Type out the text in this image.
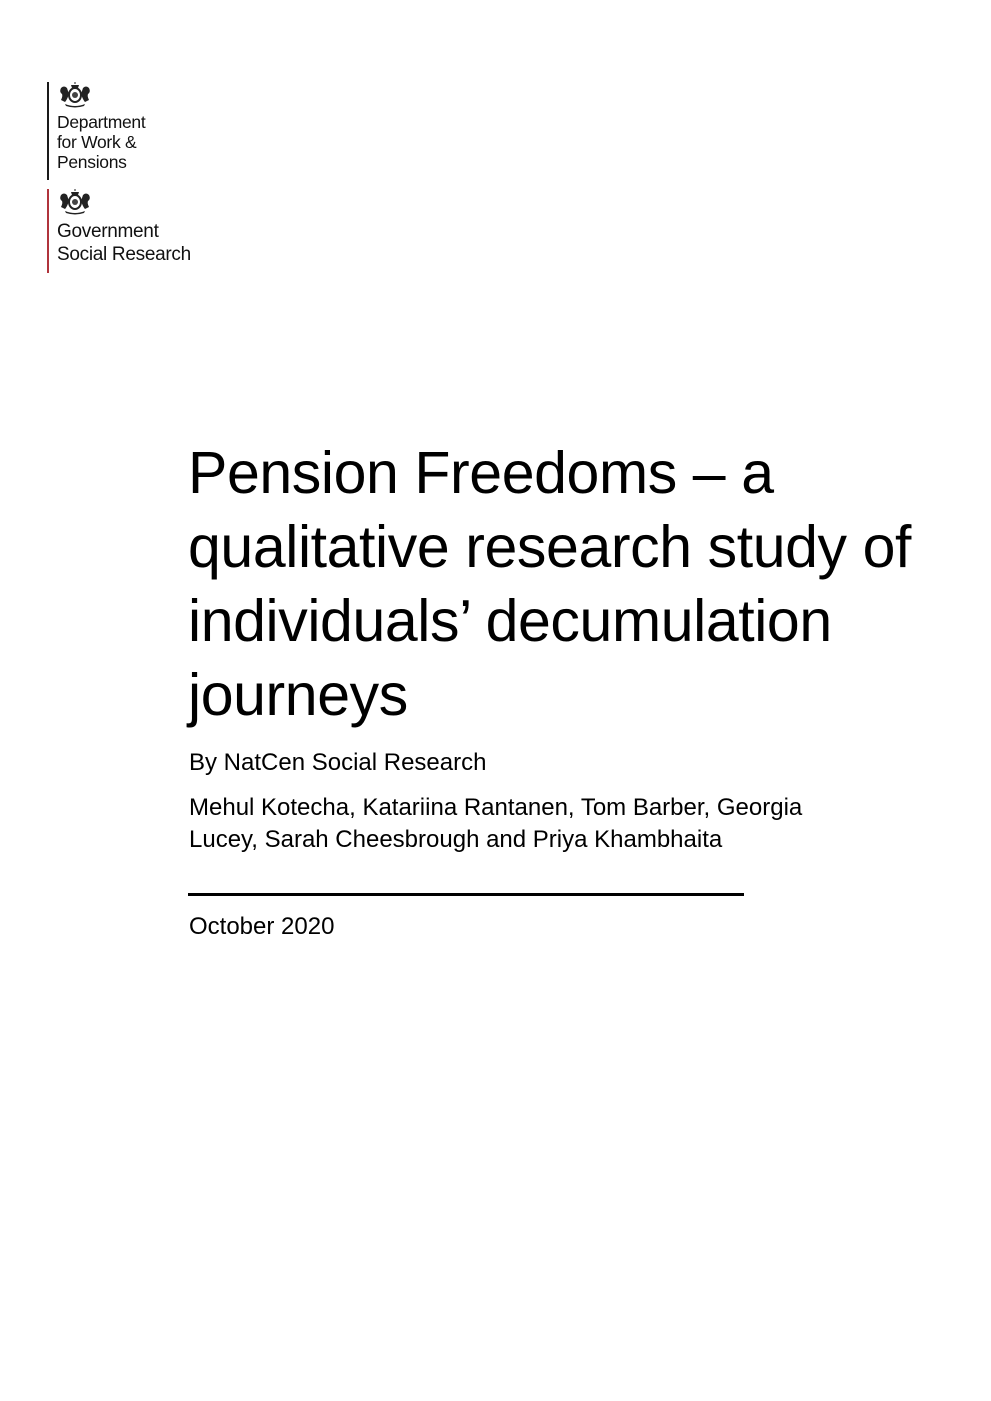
Department
for Work &
Pensions
Government
Social Research
Pension Freedoms – a
qualitative research study of
individuals’ decumulation
journeys
By NatCen Social Research
Mehul Kotecha, Katariina Rantanen, Tom Barber, Georgia
Lucey, Sarah Cheesbrough and Priya Khambhaita
October 2020
